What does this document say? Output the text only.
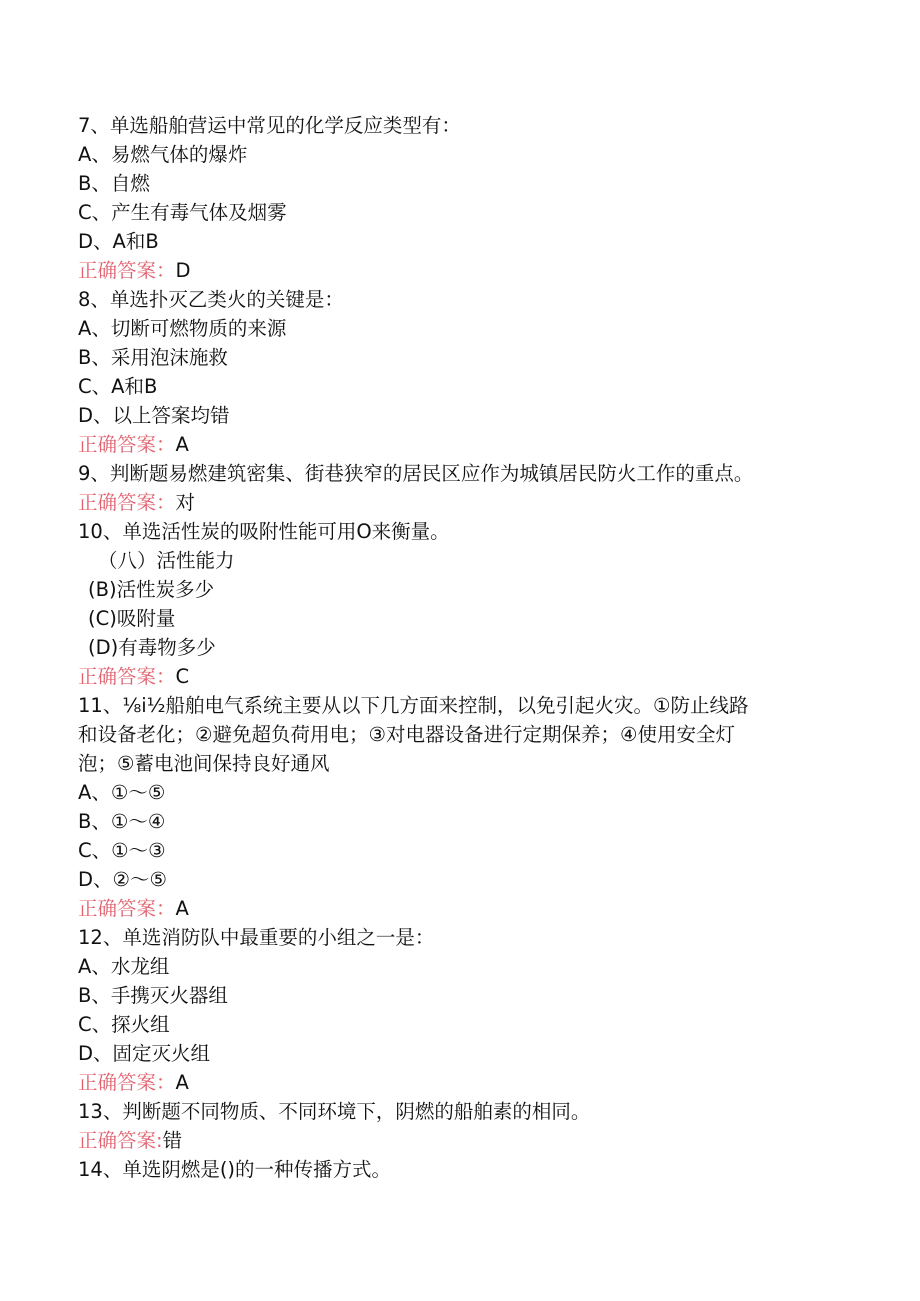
7、单选船舶营运中常见的化学反应类型有：
A、易燃气体的爆炸
B、自燃
C、产生有毒气体及烟雾
D、A和B
正确答案：D
8、单选扑灭乙类火的关键是：
A、切断可燃物质的来源
B、采用泡沫施救
C、A和B
D、以上答案均错
正确答案：A
9、判断题易燃建筑密集、街巷狭窄的居民区应作为城镇居民防火工作的重点。
正确答案：对
10、单选活性炭的吸附性能可用O来衡量。
（八）活性能力
(B)活性炭多少
(C)吸附量
(D)有毒物多少
正确答案：C
11、⅛i½船舶电气系统主要从以下几方面来控制，以免引起火灾。①防止线路
和设备老化；②避免超负荷用电；③对电器设备进行定期保养；④使用安全灯
泡；⑤蓄电池间保持良好通风
A、①～⑤
B、①～④
C、①～③
D、②～⑤
正确答案：A
12、单选消防队中最重要的小组之一是：
A、水龙组
B、手携灭火器组
C、探火组
D、固定灭火组
正确答案：A
13、判断题不同物质、不同环境下，阴燃的船舶素的相同。
正确答案:错
14、单选阴燃是()的一种传播方式。
